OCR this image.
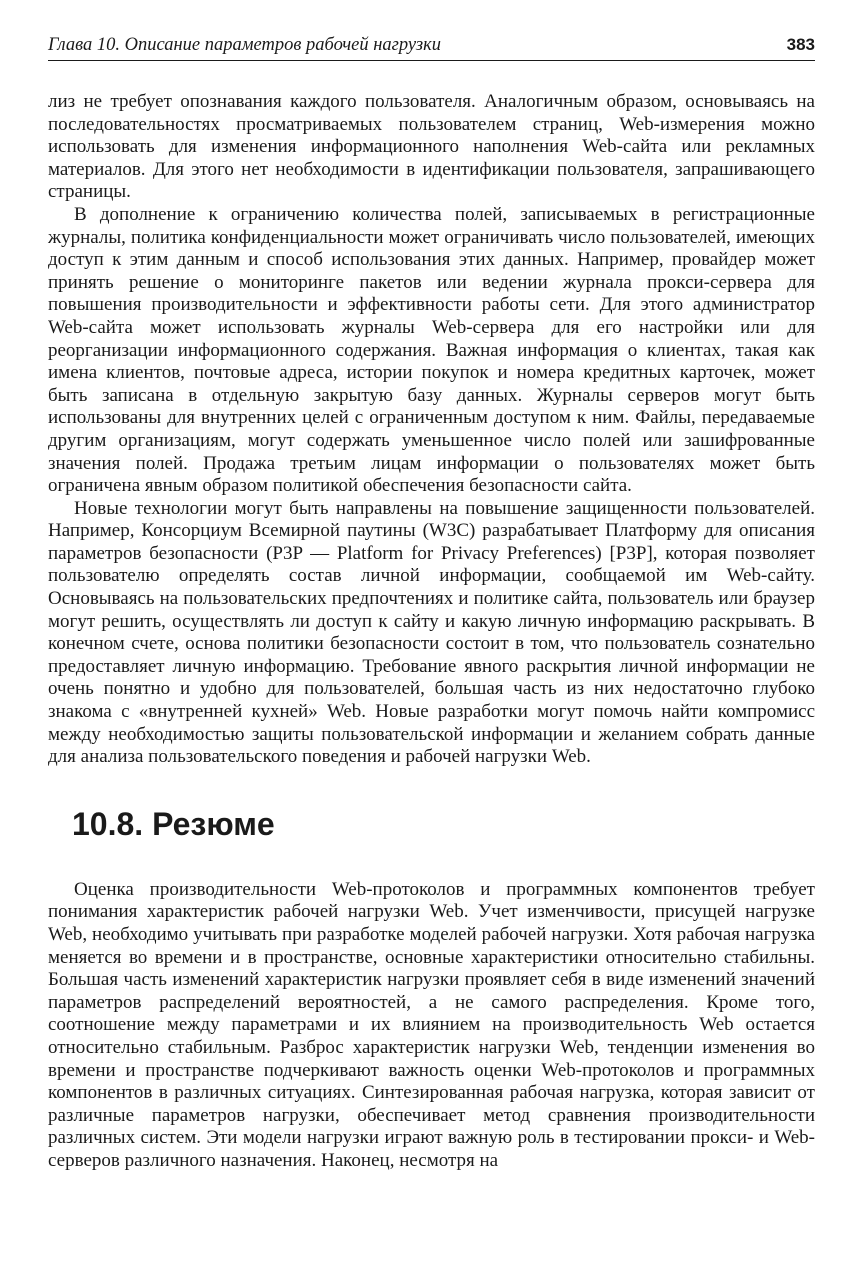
Глава 10. Описание параметров рабочей нагрузки	383

лиз не требует опознавания каждого пользователя. Аналогичным образом, основываясь на последовательностях просматриваемых пользователем страниц, Web-измерения можно использовать для изменения информационного наполнения Web-сайта или рекламных материалов. Для этого нет необходимости в идентификации пользователя, запрашивающего страницы.

В дополнение к ограничению количества полей, записываемых в регистрационные журналы, политика конфиденциальности может ограничивать число пользователей, имеющих доступ к этим данным и способ использования этих данных. Например, провайдер может принять решение о мониторинге пакетов или ведении журнала прокси-сервера для повышения производительности и эффективности работы сети. Для этого администратор Web-сайта может использовать журналы Web-сервера для его настройки или для реорганизации информационного содержания. Важная информация о клиентах, такая как имена клиентов, почтовые адреса, истории покупок и номера кредитных карточек, может быть записана в отдельную закрытую базу данных. Журналы серверов могут быть использованы для внутренних целей с ограниченным доступом к ним. Файлы, передаваемые другим организациям, могут содержать уменьшенное число полей или зашифрованные значения полей. Продажа третьим лицам информации о пользователях может быть ограничена явным образом политикой обеспечения безопасности сайта.

Новые технологии могут быть направлены на повышение защищенности пользователей. Например, Консорциум Всемирной паутины (W3C) разрабатывает Платформу для описания параметров безопасности (P3P — Platform for Privacy Preferences) [P3P], которая позволяет пользователю определять состав личной информации, сообщаемой им Web-сайту. Основываясь на пользовательских предпочтениях и политике сайта, пользователь или браузер могут решить, осуществлять ли доступ к сайту и какую личную информацию раскрывать. В конечном счете, основа политики безопасности состоит в том, что пользователь сознательно предоставляет личную информацию. Требование явного раскрытия личной информации не очень понятно и удобно для пользователей, большая часть из них недостаточно глубоко знакома с «внутренней кухней» Web. Новые разработки могут помочь найти компромисс между необходимостью защиты пользовательской информации и желанием собрать данные для анализа пользовательского поведения и рабочей нагрузки Web.

10.8. Резюме

Оценка производительности Web-протоколов и программных компонентов требует понимания характеристик рабочей нагрузки Web. Учет изменчивости, присущей нагрузке Web, необходимо учитывать при разработке моделей рабочей нагрузки. Хотя рабочая нагрузка меняется во времени и в пространстве, основные характеристики относительно стабильны. Большая часть изменений характеристик нагрузки проявляет себя в виде изменений значений параметров распределений вероятностей, а не самого распределения. Кроме того, соотношение между параметрами и их влиянием на производительность Web остается относительно стабильным. Разброс характеристик нагрузки Web, тенденции изменения во времени и пространстве подчеркивают важность оценки Web-протоколов и программных компонентов в различных ситуациях. Синтезированная рабочая нагрузка, которая зависит от различные параметров нагрузки, обеспечивает метод сравнения производительности различных систем. Эти модели нагрузки играют важную роль в тестировании прокси- и Web-серверов различного назначения. Наконец, несмотря на
